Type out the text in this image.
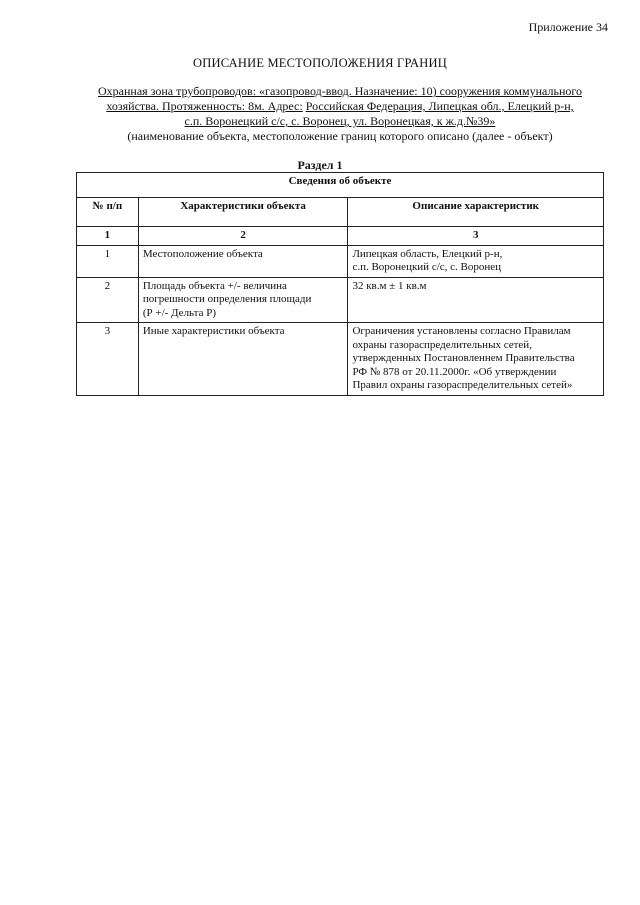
Приложение 34
ОПИСАНИЕ МЕСТОПОЛОЖЕНИЯ ГРАНИЦ
Охранная зона трубопроводов: «газопровод-ввод. Назначение: 10) сооружения коммунального
хозяйства. Протяженность: 8м. Адрес: Российская Федерация, Липецкая обл., Елецкий р-н,
с.п. Воронецкий с/с, с. Воронец, ул. Воронецкая, к ж.д.№39»
(наименование объекта, местоположение границ которого описано (далее - объект)
Раздел 1
Сведения об объекте		
№ п/п	Характеристики объекта	Описание характеристик
1	2	3
1	Местоположение объекта	Липецкая область, Елецкий р-н,
с.п. Воронецкий с/с, с. Воронец
2	Площадь объекта +/- величина
погрешности определения площади
(Р +/- Дельта Р)	32 кв.м ± 1 кв.м
3	Иные характеристики объекта	Ограничения установлены согласно Правилам
охраны газораспределительных сетей,
утвержденных Постановленнем Правительства
РФ № 878 от 20.11.2000г. «Об утверждении
Правил охраны газораспределительных сетей»
